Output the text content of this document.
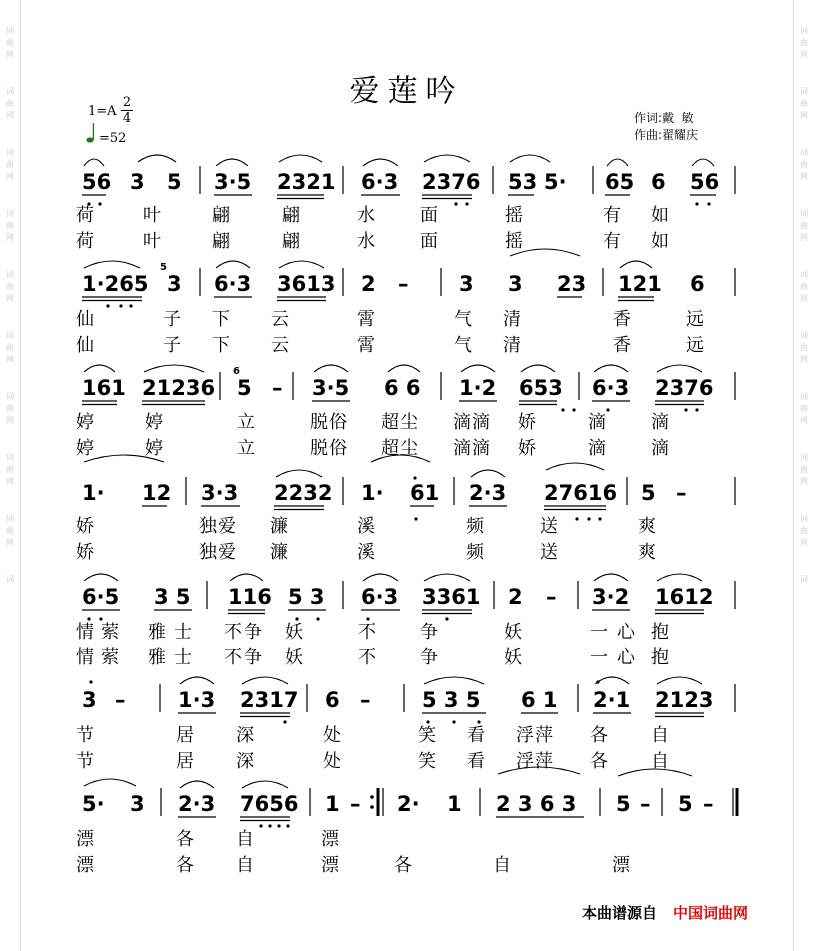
词
曲
网
词
曲
网
词
曲
网
词
曲
网
词
曲
网
词
曲
网
词
曲
网
词
曲
网
词
曲
网
词
词
曲
网
词
曲
网
词
曲
网
词
曲
网
词
曲
网
词
曲
网
词
曲
网
词
曲
网
词
曲
网
词
爱莲吟
1=A
2
4
=52
作词:戴  敏
作曲:翟耀庆
56 3 5 3·5 2321 6·3 2376 53 5· 65 6 56
荷	叶	翩	翩	水 面	摇	有 如
荷	叶	翩	翩	水 面	摇	有 如
1·265 3 6·3 3613 2 – 3 3 23 121 6
5
仙	子 下 云	霄	气 清	香	远
仙	子 下 云	霄	气 清	香	远
161 21236 5 – 3·5 6 6 1·2 653 6·3 2376
6
婷	婷	立	脱俗 超尘 滴滴 娇	滴 滴
婷	婷	立	脱俗 超尘 滴滴 娇	滴 滴
1· 12 3·3 2232 1· 61 2·3 27616 5 –
娇	独爱 濂	溪	频	送	爽
娇	独爱 濂	溪	频	送	爽
6·5 3 5 116 5 3 6·3 3361 2 – 3·2 1612
情 萦 雅 士 不 争 妖	不 争	妖	一 心 抱
情 萦 雅 士 不 争 妖	不 争	妖	一 心 抱
3 –	1·3 2317 6 – 5 3 5 6 1 2·1 2123
节	居 深	处	笑 看 浮萍 各 自
节	居 深	处	笑 看 浮萍 各 自
5· 3 2·3 7656 1 – 2· 1 2 3 6 3 5 – 5 –
漂	各 自	漂
漂	各 自	漂	各	自	漂
本曲谱源自 中国词曲网
